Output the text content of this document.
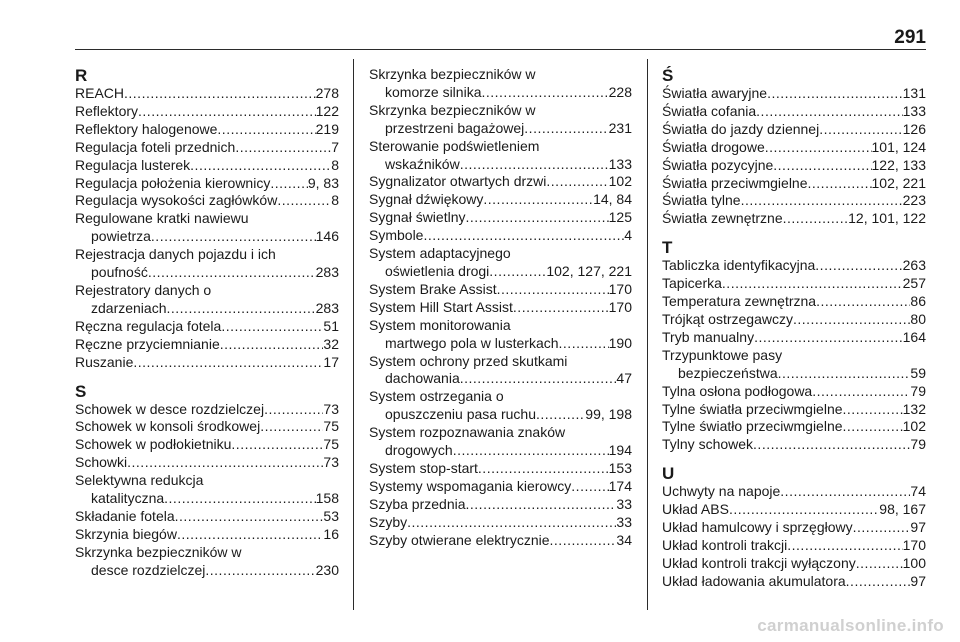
291
R
REACH .....	278
Reflektory .....	122
Reflektory halogenowe .....	219
Regulacja foteli przednich .....	7
Regulacja lusterek .....	8
Regulacja położenia kierownicy .....	9, 83
Regulacja wysokości zagłówków .....	8
Regulowane kratki nawiewu
powietrza .....	146
Rejestracja danych pojazdu i ich
poufność .....	283
Rejestratory danych o
zdarzeniach .....	283
Ręczna regulacja fotela .....	51
Ręczne przyciemnianie .....	32
Ruszanie .....	17
S
Schowek w desce rozdzielczej .....	73
Schowek w konsoli środkowej .....	75
Schowek w podłokietniku .....	75
Schowki .....	73
Selektywna redukcja
katalityczna .....	158
Składanie fotela .....	53
Skrzynia biegów .....	16
Skrzynka bezpieczników w
desce rozdzielczej .....	230
Skrzynka bezpieczników w
komorze silnika .....	228
Skrzynka bezpieczników w
przestrzeni bagażowej .....	231
Sterowanie podświetleniem
wskaźników .....	133
Sygnalizator otwartych drzwi .....	102
Sygnał dźwiękowy .....	14, 84
Sygnał świetlny .....	125
Symbole .....	4
System adaptacyjnego
oświetlenia drogi .....	102, 127, 221
System Brake Assist .....	170
System Hill Start Assist .....	170
System monitorowania
martwego pola w lusterkach .....	190
System ochrony przed skutkami
dachowania .....	47
System ostrzegania o
opuszczeniu pasa ruchu .....	99, 198
System rozpoznawania znaków
drogowych .....	194
System stop-start .....	153
Systemy wspomagania kierowcy .....	174
Szyba przednia .....	33
Szyby .....	33
Szyby otwierane elektrycznie .....	34
Ś
Światła awaryjne .....	131
Światła cofania .....	133
Światła do jazdy dziennej .....	126
Światła drogowe .....	101, 124
Światła pozycyjne .....	122, 133
Światła przeciwmgielne .....	102, 221
Światła tylne .....	223
Światła zewnętrzne .....	12, 101, 122
T
Tabliczka identyfikacyjna .....	263
Tapicerka .....	257
Temperatura zewnętrzna .....	86
Trójkąt ostrzegawczy .....	80
Tryb manualny .....	164
Trzypunktowe pasy
bezpieczeństwa .....	59
Tylna osłona podłogowa .....	79
Tylne światła przeciwmgielne .....	132
Tylne światło przeciwmgielne .....	102
Tylny schowek .....	79
U
Uchwyty na napoje .....	74
Układ ABS .....	98, 167
Układ hamulcowy i sprzęgłowy .....	97
Układ kontroli trakcji .....	170
Układ kontroli trakcji wyłączony .....	100
Układ ładowania akumulatora .....	97
carmanualsonline.info
